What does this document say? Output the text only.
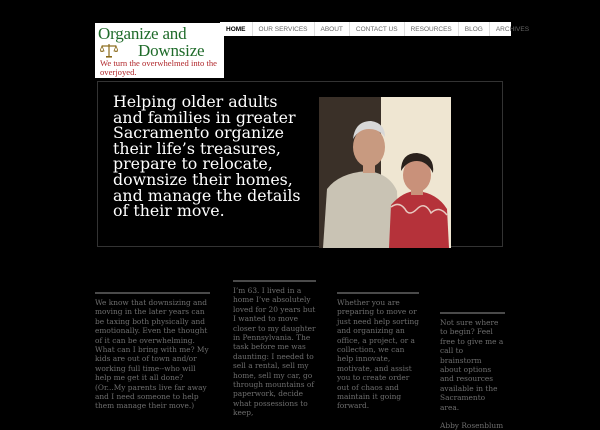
Organize and
Downsize
We turn the overwhelmed into the overjoyed.
HOME	OUR SERVICES	ABOUT	CONTACT US	RESOURCES	BLOG	ARCHIVES
Helping older adults and families in greater Sacramento organize their life’s treasures, prepare to relocate, downsize their homes, and manage the details of their move.

We know that downsizing and moving in the later years can be taxing both physically and emotionally. Even the thought of it can be overwhelming. What can I bring with me? My kids are out of town and/or working full time--who will help me get it all done? (Or...My parents live far away and I need someone to help them manage their move.)

I’m 63. I lived in a home I’ve absolutely loved for 20 years but I wanted to move closer to my daughter in Pennsylvania. The task before me was daunting: I needed to sell a rental, sell my home, sell my car, go through mountains of paperwork, decide what possessions to keep,

Whether you are preparing to move or just need help sorting and organizing an office, a project, or a collection, we can help innovate, motivate, and assist you to create order out of chaos and maintain it going forward.

Not sure where to begin? Feel free to give me a call to brainstorm about options and resources available in the Sacramento area.

Abby Rosenblum
